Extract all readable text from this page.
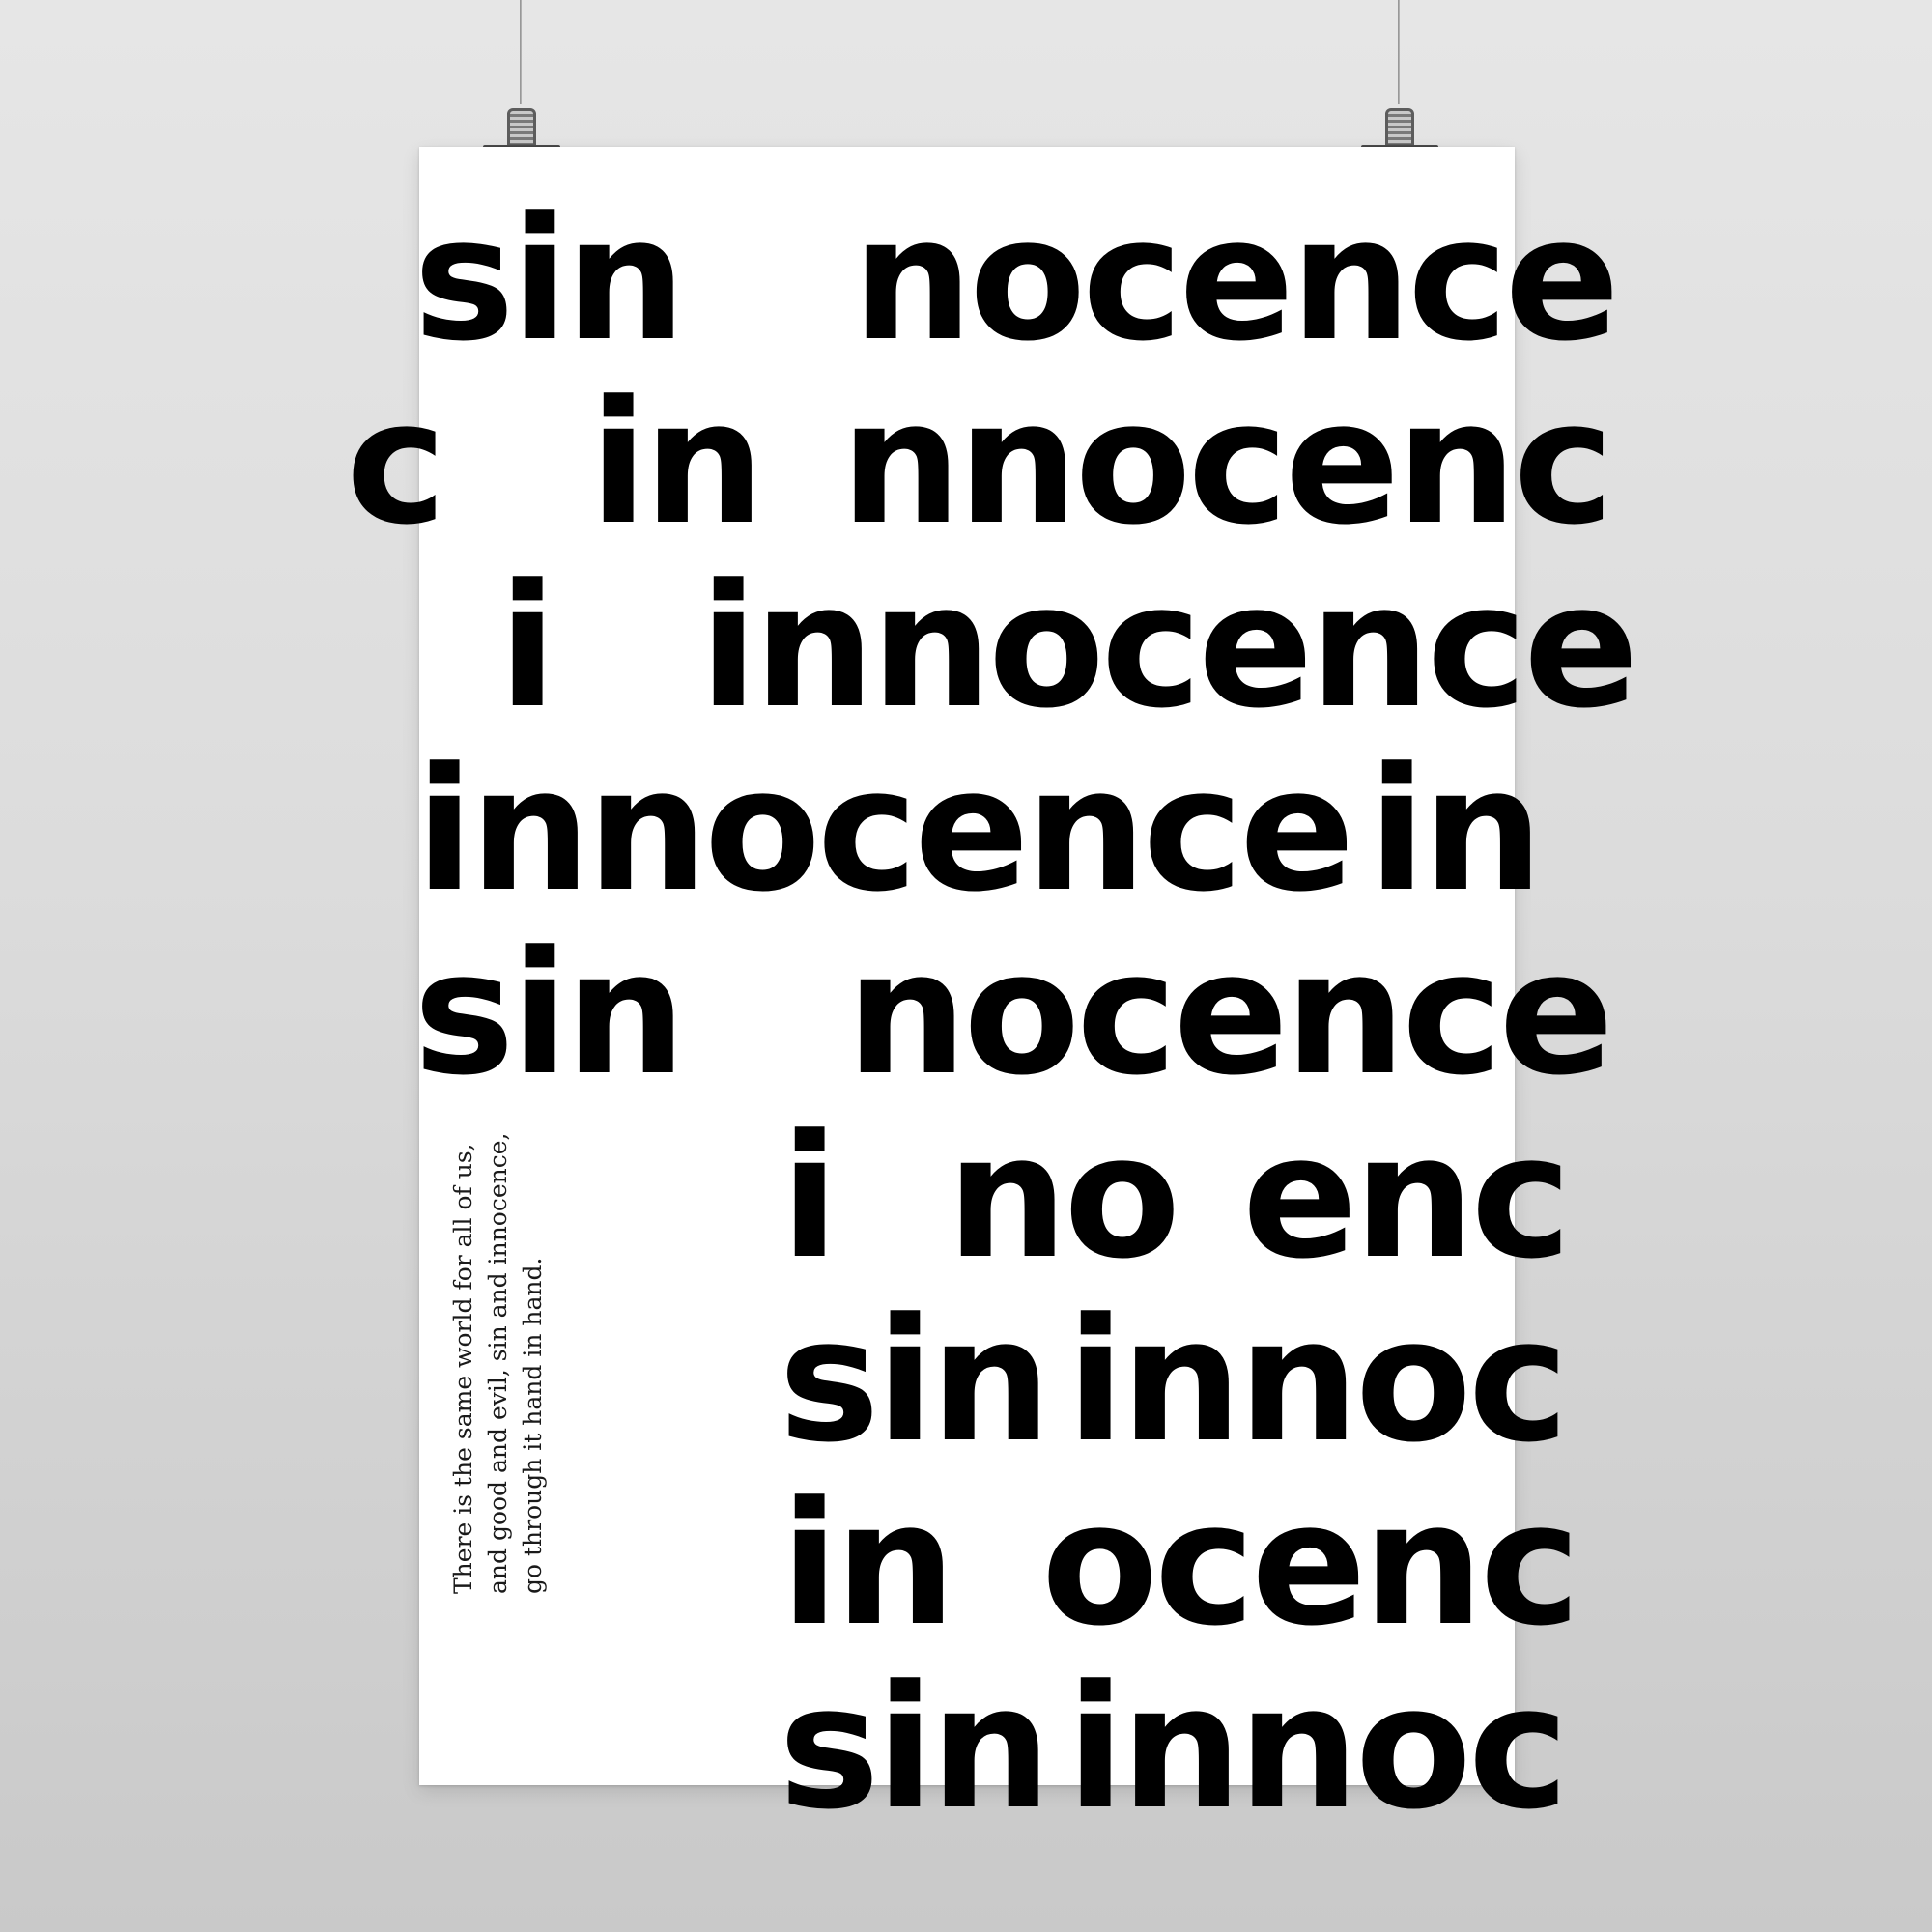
sin nocence
c in nnocenc
i innocence
innocence in
sin nocence
i no enc
sin innoc
in ocenc
sin innoc
There is the same world for all of us, and good and evil, sin and innocence, go through it hand in hand.
